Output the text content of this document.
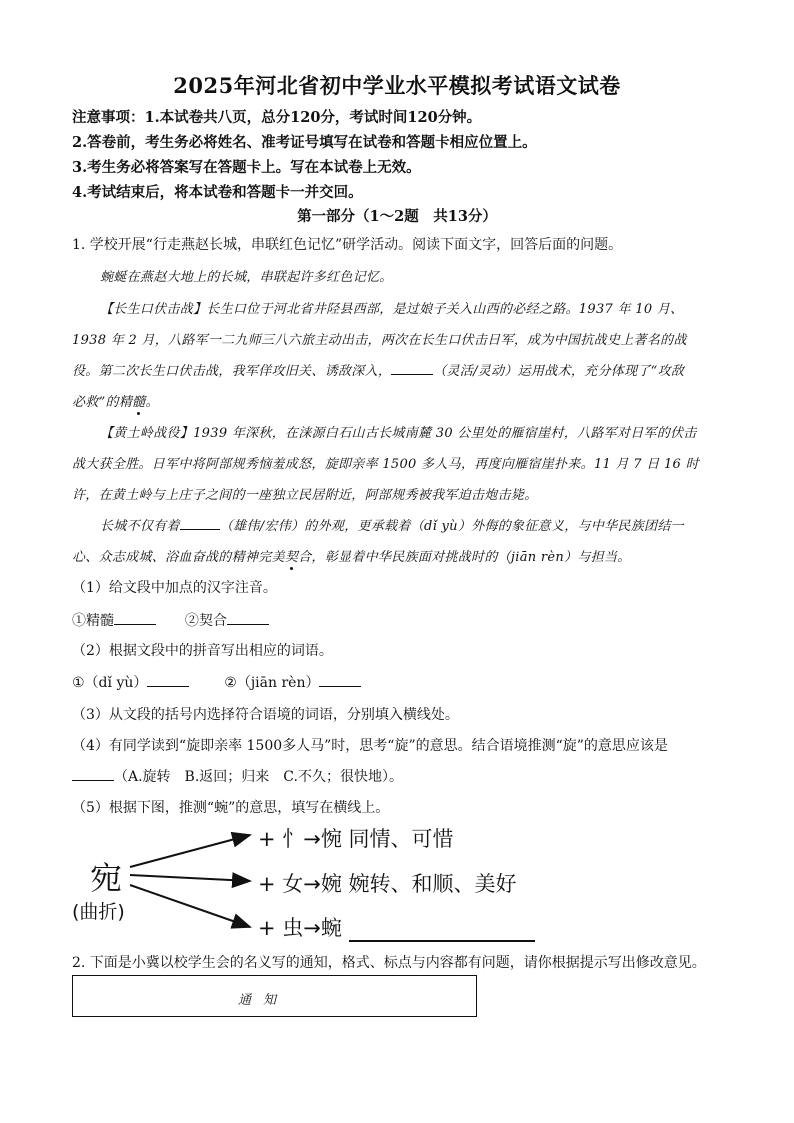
2025年河北省初中学业水平模拟考试语文试卷
注意事项：1.本试卷共八页，总分120分，考试时间120分钟。
2.答卷前，考生务必将姓名、准考证号填写在试卷和答题卡相应位置上。
3.考生务必将答案写在答题卡上。写在本试卷上无效。
4.考试结束后，将本试卷和答题卡一并交回。
第一部分（1～2题　共13分）
1. 学校开展“行走燕赵长城，串联红色记忆”研学活动。阅读下面文字，回答后面的问题。
蜿蜒在燕赵大地上的长城，串联起许多红色记忆。
【长生口伏击战】长生口位于河北省井陉县西部，是过娘子关入山西的必经之路。1937 年 10 月、
1938 年 2 月，八路军一二九师三八六旅主动出击，两次在长生口伏击日军，成为中国抗战史上著名的战
役。第二次长生口伏击战，我军佯攻旧关、诱敌深入，	（灵活/灵动）运用战术，充分体现了“攻敌
必救”的精髓。
【黄土岭战役】1939 年深秋，在涞源白石山古长城南麓 30 公里处的雁宿崖村，八路军对日军的伏击
战大获全胜。日军中将阿部规秀恼羞成怒，旋即亲率 1500 多人马，再度向雁宿崖扑来。11 月 7 日 16 时
许，在黄土岭与上庄子之间的一座独立民居附近，阿部规秀被我军迫击炮击毙。
长城不仅有着	（雄伟/宏伟）的外观，更承载着（dǐ yù）外侮的象征意义，与中华民族团结一
心、众志成城、浴血奋战的精神完美契合，彰显着中华民族面对挑战时的（jiān rèn）与担当。
（1）给文段中加点的汉字注音。
①精髓	②契合
（2）根据文段中的拼音写出相应的词语。
①（dǐ yù）	②（jiān rèn）
（3）从文段的括号内选择符合语境的词语，分别填入横线处。
（4）有同学读到“旋即亲率 1500多人马”时，思考“旋”的意思。结合语境推测“旋”的意思应该是
（A.旋转　B.返回；归来　C.不久；很快地）。
（5）根据下图，推测“蜿”的意思，填写在横线上。
宛
(曲折)
+ 忄→惋 同情、可惜
+ 女→婉 婉转、和顺、美好
+ 虫→蜿
2. 下面是小冀以校学生会的名义写的通知，格式、标点与内容都有问题，请你根据提示写出修改意见。
通知
